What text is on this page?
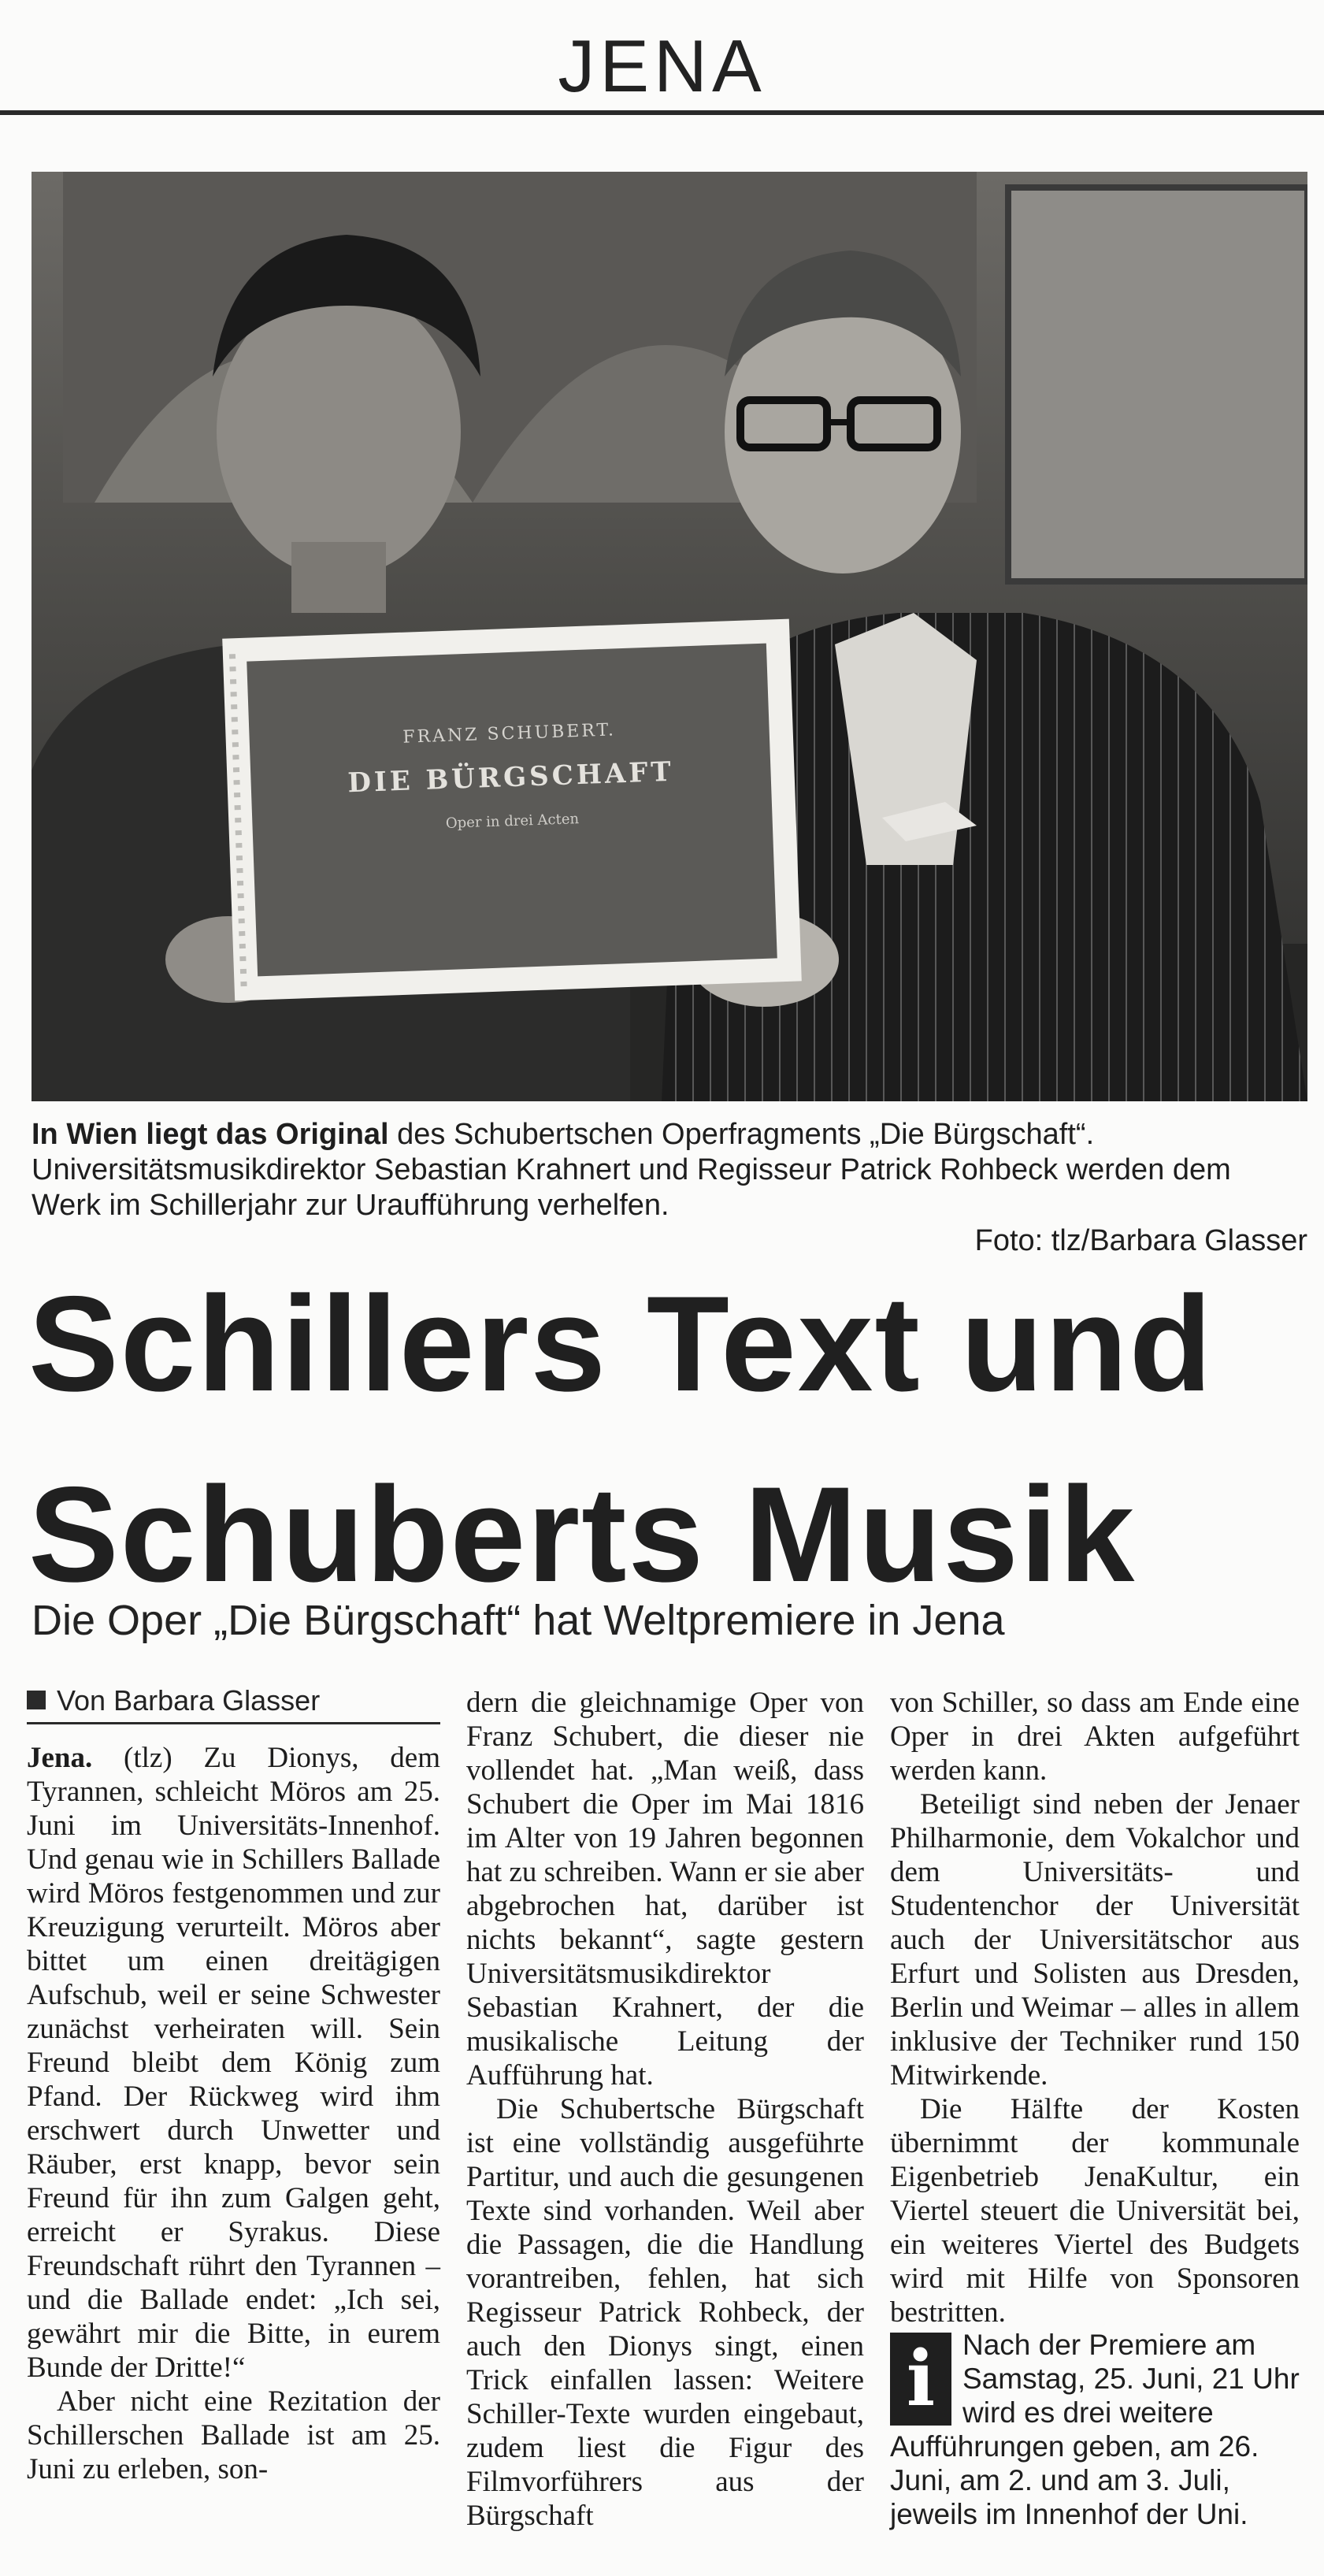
JENA
FRANZ SCHUBERT.
DIE BÜRGSCHAFT
Oper in drei Acten
In Wien liegt das Original des Schubertschen Operfragments „Die Bürgschaft“. Universitätsmusikdirektor Sebastian Krahnert und Regisseur Patrick Rohbeck werden dem Werk im Schillerjahr zur Uraufführung verhelfen.
Foto: tlz/Barbara Glasser
Schillers Text und
Schuberts Musik
Die Oper „Die Bürgschaft“ hat Weltpremiere in Jena
Von Barbara Glasser

Jena. (tlz) Zu Dionys, dem Tyrannen, schleicht Möros am 25. Juni im Universitäts-Innenhof. Und genau wie in Schillers Ballade wird Möros festgenommen und zur Kreuzigung verurteilt. Möros aber bittet um einen dreitägigen Aufschub, weil er seine Schwester zunächst verheiraten will. Sein Freund bleibt dem König zum Pfand. Der Rückweg wird ihm erschwert durch Unwetter und Räuber, erst knapp, bevor sein Freund für ihn zum Galgen geht, erreicht er Syrakus. Diese Freundschaft rührt den Tyrannen – und die Ballade endet: „Ich sei, gewährt mir die Bitte, in eurem Bunde der Dritte!“

Aber nicht eine Rezitation der Schillerschen Ballade ist am 25. Juni zu erleben, son-

dern die gleichnamige Oper von Franz Schubert, die dieser nie vollendet hat. „Man weiß, dass Schubert die Oper im Mai 1816 im Alter von 19 Jahren begonnen hat zu schreiben. Wann er sie aber abgebrochen hat, darüber ist nichts bekannt“, sagte gestern Universitätsmusikdirektor Sebastian Krahnert, der die musikalische Leitung der Aufführung hat.

Die Schubertsche Bürgschaft ist eine vollständig ausgeführte Partitur, und auch die gesungenen Texte sind vorhanden. Weil aber die Passagen, die die Handlung vorantreiben, fehlen, hat sich Regisseur Patrick Rohbeck, der auch den Dionys singt, einen Trick einfallen lassen: Weitere Schiller-Texte wurden eingebaut, zudem liest die Figur des Filmvorführers aus der Bürgschaft

von Schiller, so dass am Ende eine Oper in drei Akten aufgeführt werden kann.

Beteiligt sind neben der Jenaer Philharmonie, dem Vokalchor und dem Universitäts- und Studentenchor der Universität auch der Universitätschor aus Erfurt und Solisten aus Dresden, Berlin und Weimar – alles in allem inklusive der Techniker rund 150 Mitwirkende.

Die Hälfte der Kosten übernimmt der kommunale Eigenbetrieb JenaKultur, ein Viertel steuert die Universität bei, ein weiteres Viertel des Budgets wird mit Hilfe von Sponsoren bestritten.

i Nach der Premiere am Samstag, 25. Juni, 21 Uhr wird es drei weitere Aufführungen geben, am 26. Juni, am 2. und am 3. Juli, jeweils im Innenhof der Uni.
